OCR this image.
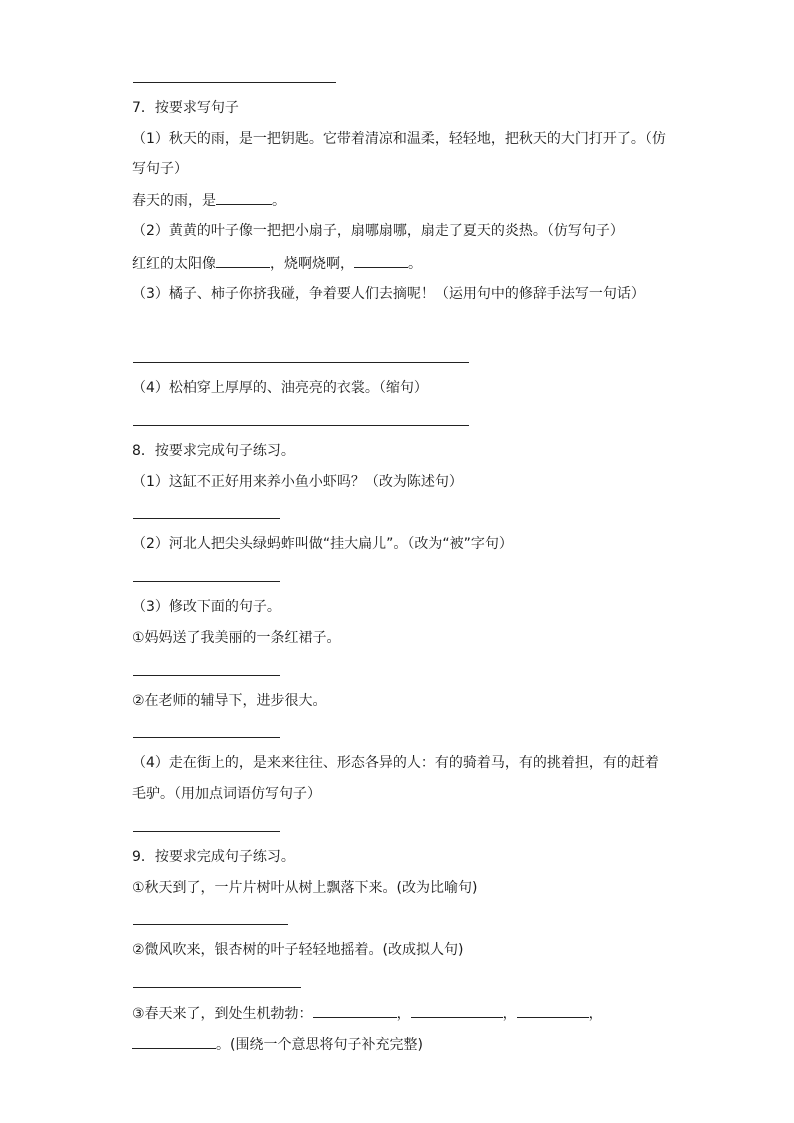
7．按要求写句子
（1）秋天的雨，是一把钥匙。它带着清凉和温柔，轻轻地，把秋天的大门打开了。（仿
写句子）
春天的雨，是	。
（2）黄黄的叶子像一把把小扇子，扇哪扇哪，扇走了夏天的炎热。（仿写句子）
红红的太阳像	，烧啊烧啊，	。
（3）橘子、柿子你挤我碰，争着要人们去摘呢！（运用句中的修辞手法写一句话）
（4）松柏穿上厚厚的、油亮亮的衣裳。（缩句）
8．按要求完成句子练习。
（1）这缸不正好用来养小鱼小虾吗？（改为陈述句）
（2）河北人把尖头绿蚂蚱叫做“挂大扁儿”。（改为“被”字句）
（3）修改下面的句子。
①妈妈送了我美丽的一条红裙子。
②在老师的辅导下，进步很大。
（4）走在街上的，是来来往往、形态各异的人：有的骑着马，有的挑着担，有的赶着
毛驴。（用加点词语仿写句子）
9．按要求完成句子练习。
①秋天到了，一片片树叶从树上飘落下来。(改为比喻句)
②微风吹来，银杏树的叶子轻轻地摇着。(改成拟人句)
③春天来了，到处生机勃勃：	，	，	，
。(围绕一个意思将句子补充完整)
